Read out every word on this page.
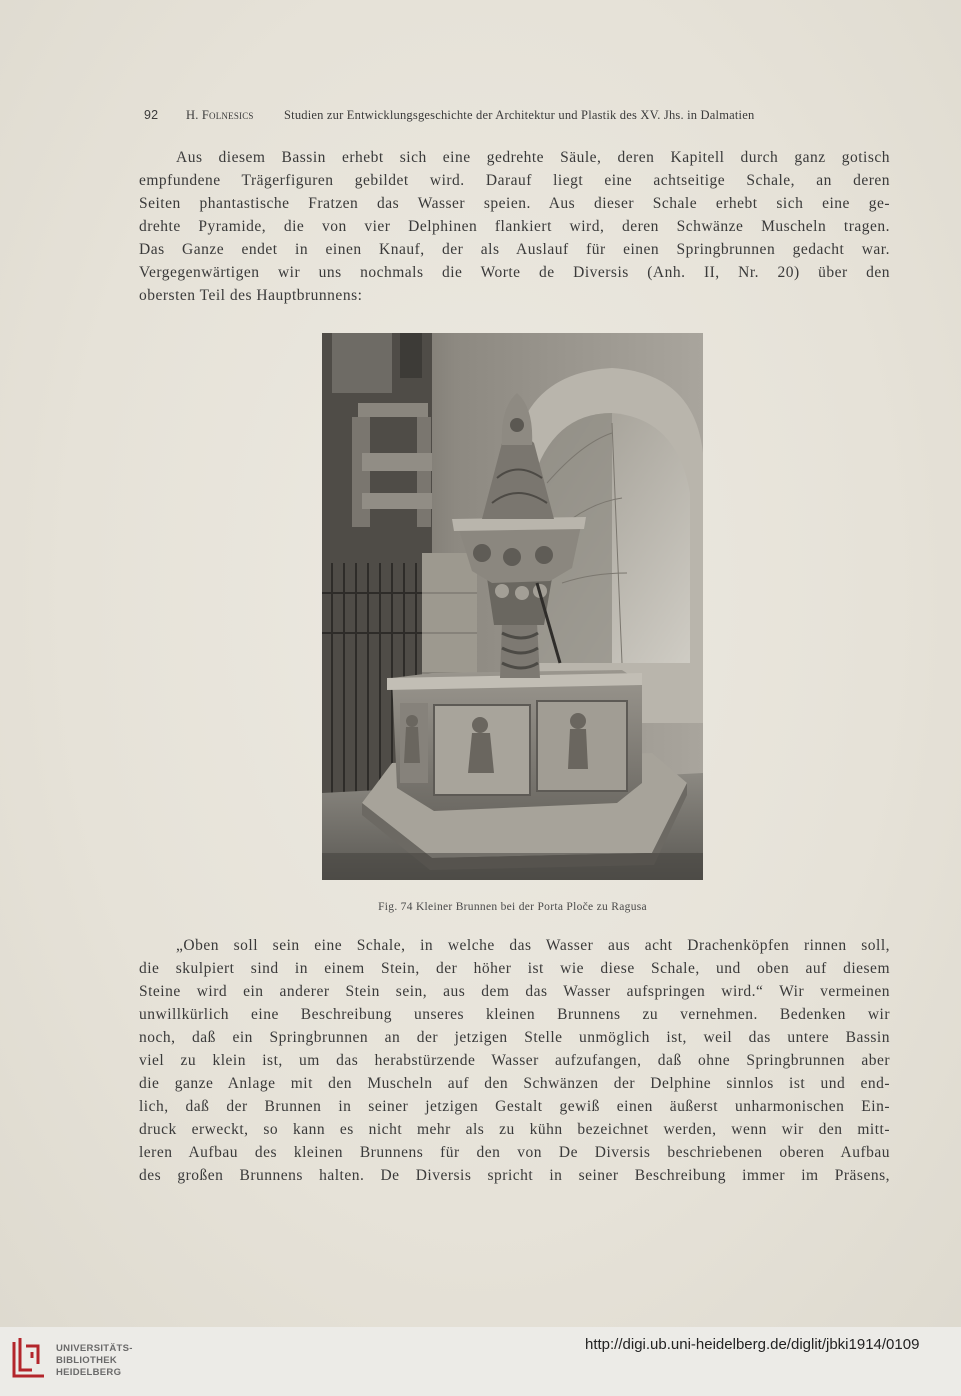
92 H. Folnesics Studien zur Entwicklungsgeschichte der Architektur und Plastik des XV. Jhs. in Dalmatien
Aus diesem Bassin erhebt sich eine gedrehte Säule, deren Kapitell durch ganz gotisch
empfundene Trägerfiguren gebildet wird. Darauf liegt eine achtseitige Schale, an deren
Seiten phantastische Fratzen das Wasser speien. Aus dieser Schale erhebt sich eine ge-
drehte Pyramide, die von vier Delphinen flankiert wird, deren Schwänze Muscheln tragen.
Das Ganze endet in einen Knauf, der als Auslauf für einen Springbrunnen gedacht war.
Vergegenwärtigen wir uns nochmals die Worte de Diversis (Anh. II, Nr. 20) über den
obersten Teil des Hauptbrunnens:
Fig. 74 Kleiner Brunnen bei der Porta Ploče zu Ragusa
„Oben soll sein eine Schale, in welche das Wasser aus acht Drachenköpfen rinnen soll,
die skulpiert sind in einem Stein, der höher ist wie diese Schale, und oben auf diesem
Steine wird ein anderer Stein sein, aus dem das Wasser aufspringen wird.“ Wir vermeinen
unwillkürlich eine Beschreibung unseres kleinen Brunnens zu vernehmen. Bedenken wir
noch, daß ein Springbrunnen an der jetzigen Stelle unmöglich ist, weil das untere Bassin
viel zu klein ist, um das herabstürzende Wasser aufzufangen, daß ohne Springbrunnen aber
die ganze Anlage mit den Muscheln auf den Schwänzen der Delphine sinnlos ist und end-
lich, daß der Brunnen in seiner jetzigen Gestalt gewiß einen äußerst unharmonischen Ein-
druck erweckt, so kann es nicht mehr als zu kühn bezeichnet werden, wenn wir den mitt-
leren Aufbau des kleinen Brunnens für den von De Diversis beschriebenen oberen Aufbau
des großen Brunnens halten. De Diversis spricht in seiner Beschreibung immer im Präsens,
UNIVERSITÄTS-
BIBLIOTHEK
HEIDELBERG
http://digi.ub.uni-heidelberg.de/diglit/jbki1914/0109
